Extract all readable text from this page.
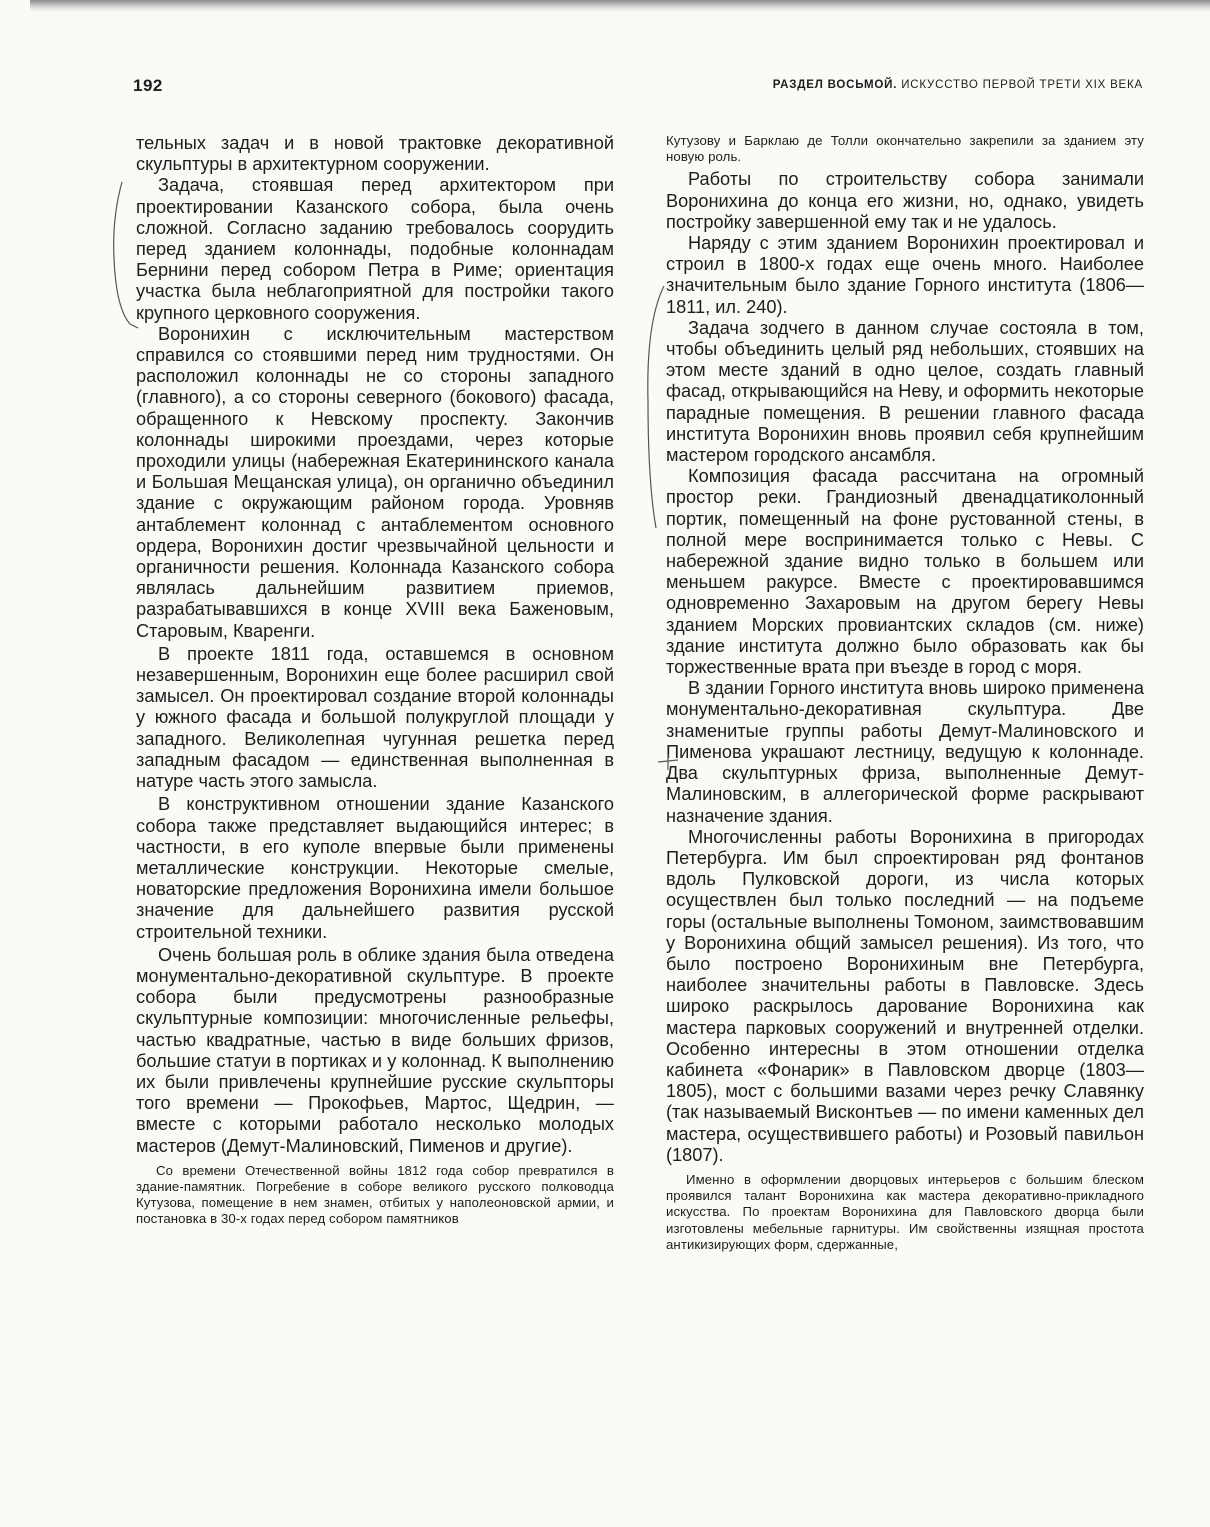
192	РАЗДЕЛ ВОСЬМОЙ. ИСКУССТВО ПЕРВОЙ ТРЕТИ XIX ВЕКА

тельных задач и в новой трактовке декоративной скульптуры в архитектурном сооружении.

Задача, стоявшая перед архитектором при проектировании Казанского собора, была очень сложной. Согласно заданию требовалось соорудить перед зданием колоннады, подобные колоннадам Бернини перед собором Петра в Риме; ориентация участка была неблагоприятной для постройки такого крупного церковного сооружения.

Воронихин с исключительным мастерством справился со стоявшими перед ним трудностями. Он расположил колоннады не со стороны западного (главного), а со стороны северного (бокового) фасада, обращенного к Невскому проспекту. Закончив колоннады широкими проездами, через которые проходили улицы (набережная Екатерининского канала и Большая Мещанская улица), он органично объединил здание с окружающим районом города. Уровняв антаблемент колоннад с антаблементом основного ордера, Воронихин достиг чрезвычайной цельности и органичности решения. Колоннада Казанского собора являлась дальнейшим развитием приемов, разрабатывавшихся в конце XVIII века Баженовым, Старовым, Кваренги.

В проекте 1811 года, оставшемся в основном незавершенным, Воронихин еще более расширил свой замысел. Он проектировал создание второй колоннады у южного фасада и большой полукруглой площади у западного. Великолепная чугунная решетка перед западным фасадом — единственная выполненная в натуре часть этого замысла.

В конструктивном отношении здание Казанского собора также представляет выдающийся интерес; в частности, в его куполе впервые были применены металлические конструкции. Некоторые смелые, новаторские предложения Воронихина имели большое значение для дальнейшего развития русской строительной техники.

Очень большая роль в облике здания была отведена монументально-декоративной скульптуре. В проекте собора были предусмотрены разнообразные скульптурные композиции: многочисленные рельефы, частью квадратные, частью в виде больших фризов, большие статуи в портиках и у колоннад. К выполнению их были привлечены крупнейшие русские скульпторы того времени — Прокофьев, Мартос, Щедрин, — вместе с которыми работало несколько молодых мастеров (Демут-Малиновский, Пименов и другие).

Со времени Отечественной войны 1812 года собор превратился в здание-памятник. Погребение в соборе великого русского полководца Кутузова, помещение в нем знамен, отбитых у наполеоновской армии, и постановка в 30-х годах перед собором памятников

Кутузову и Барклаю де Толли окончательно закрепили за зданием эту новую роль.

Работы по строительству собора занимали Воронихина до конца его жизни, но, однако, увидеть постройку завершенной ему так и не удалось.

Наряду с этим зданием Воронихин проектировал и строил в 1800-х годах еще очень много. Наиболее значительным было здание Горного института (1806—1811, ил. 240).

Задача зодчего в данном случае состояла в том, чтобы объединить целый ряд небольших, стоявших на этом месте зданий в одно целое, создать главный фасад, открывающийся на Неву, и оформить некоторые парадные помещения. В решении главного фасада института Воронихин вновь проявил себя крупнейшим мастером городского ансамбля.

Композиция фасада рассчитана на огромный простор реки. Грандиозный двенадцатиколонный портик, помещенный на фоне рустованной стены, в полной мере воспринимается только с Невы. С набережной здание видно только в большем или меньшем ракурсе. Вместе с проектировавшимся одновременно Захаровым на другом берегу Невы зданием Морских провиантских складов (см. ниже) здание института должно было образовать как бы торжественные врата при въезде в город с моря.

В здании Горного института вновь широко применена монументально-декоративная скульптура. Две знаменитые группы работы Демут-Малиновского и Пименова украшают лестницу, ведущую к колоннаде. Два скульптурных фриза, выполненные Демут-Малиновским, в аллегорической форме раскрывают назначение здания.

Многочисленны работы Воронихина в пригородах Петербурга. Им был спроектирован ряд фонтанов вдоль Пулковской дороги, из числа которых осуществлен был только последний — на подъеме горы (остальные выполнены Томоном, заимствовавшим у Воронихина общий замысел решения). Из того, что было построено Воронихиным вне Петербурга, наиболее значительны работы в Павловске. Здесь широко раскрылось дарование Воронихина как мастера парковых сооружений и внутренней отделки. Особенно интересны в этом отношении отделка кабинета «Фонарик» в Павловском дворце (1803—1805), мост с большими вазами через речку Славянку (так называемый Висконтьев — по имени каменных дел мастера, осуществившего работы) и Розовый павильон (1807).

Именно в оформлении дворцовых интерьеров с большим блеском проявился талант Воронихина как мастера декоративно-прикладного искусства. По проектам Воронихина для Павловского дворца были изготовлены мебельные гарнитуры. Им свойственны изящная простота антикизирующих форм, сдержанные,
